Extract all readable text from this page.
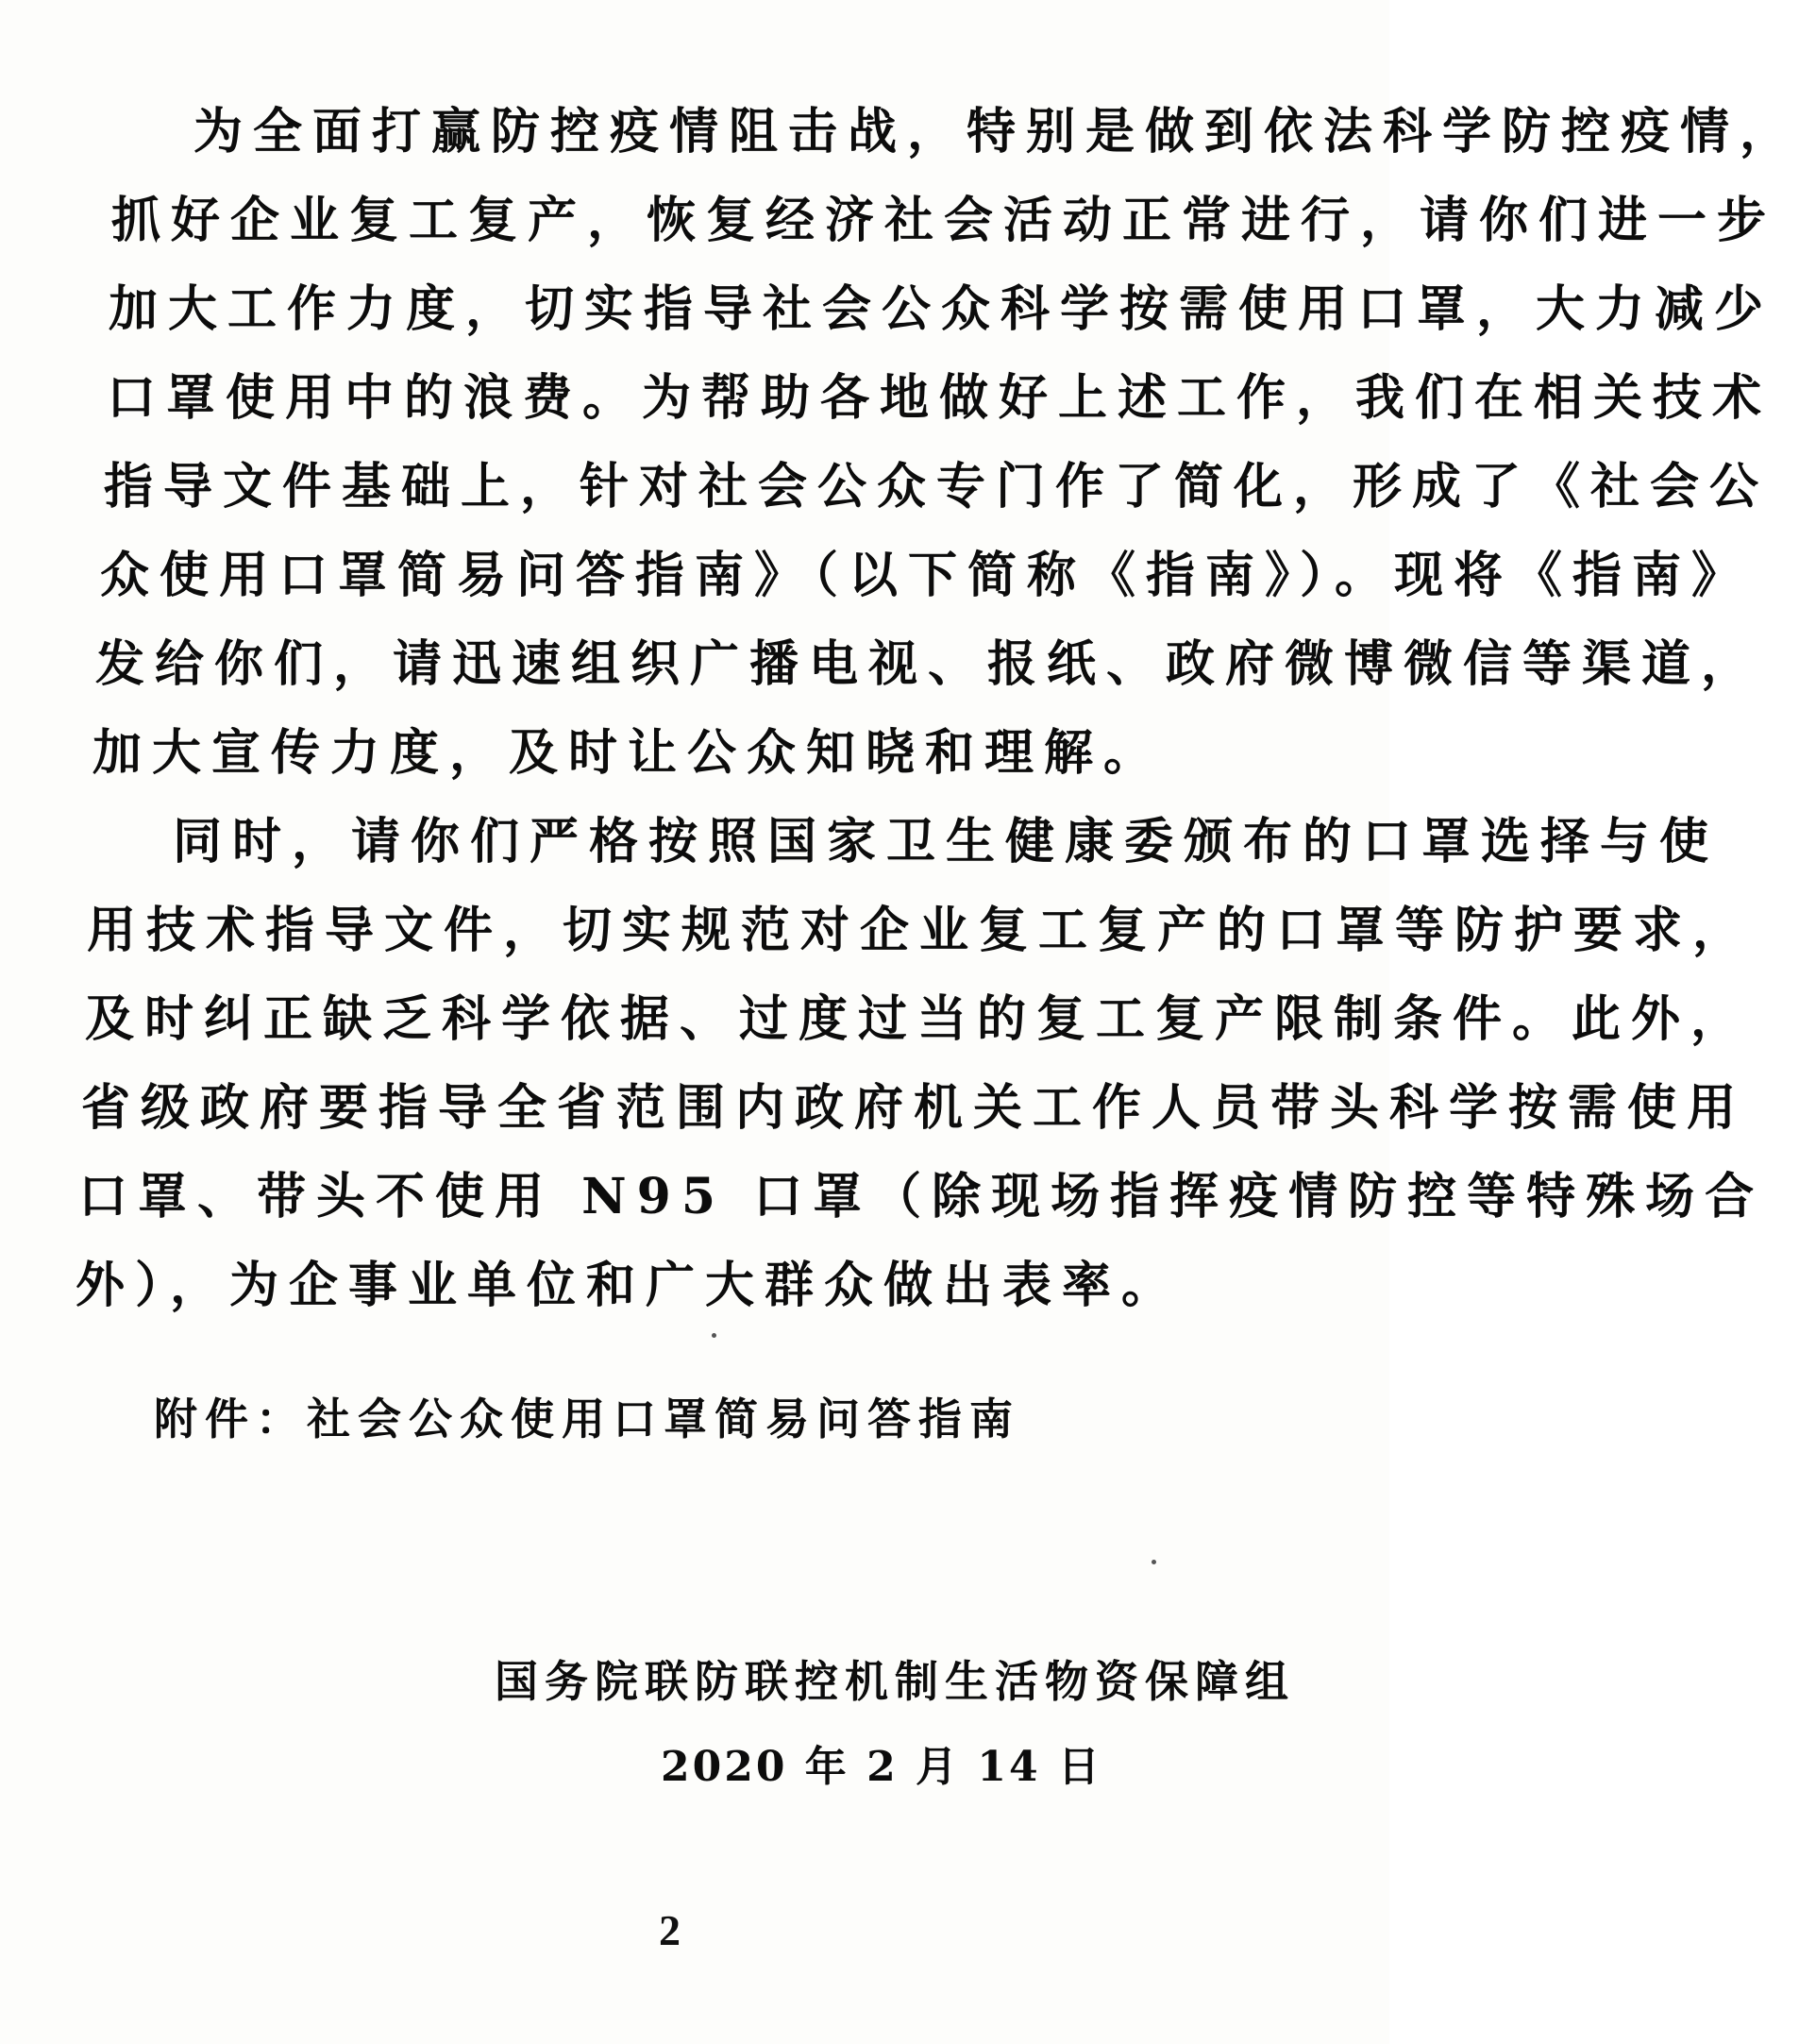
为全面打赢防控疫情阻击战，特别是做到依法科学防控疫情，
抓好企业复工复产，恢复经济社会活动正常进行，请你们进一步
加大工作力度，切实指导社会公众科学按需使用口罩，大力减少
口罩使用中的浪费。为帮助各地做好上述工作，我们在相关技术
指导文件基础上，针对社会公众专门作了简化，形成了《社会公
众使用口罩简易问答指南》（以下简称《指南》）。现将《指南》
发给你们，请迅速组织广播电视、报纸、政府微博微信等渠道，
加大宣传力度，及时让公众知晓和理解。
同时，请你们严格按照国家卫生健康委颁布的口罩选择与使
用技术指导文件，切实规范对企业复工复产的口罩等防护要求，
及时纠正缺乏科学依据、过度过当的复工复产限制条件。此外，
省级政府要指导全省范围内政府机关工作人员带头科学按需使用
口罩、带头不使用 N95 口罩（除现场指挥疫情防控等特殊场合
外），为企事业单位和广大群众做出表率。
附件：社会公众使用口罩简易问答指南
国务院联防联控机制生活物资保障组
2020 年 2 月 14 日
2
